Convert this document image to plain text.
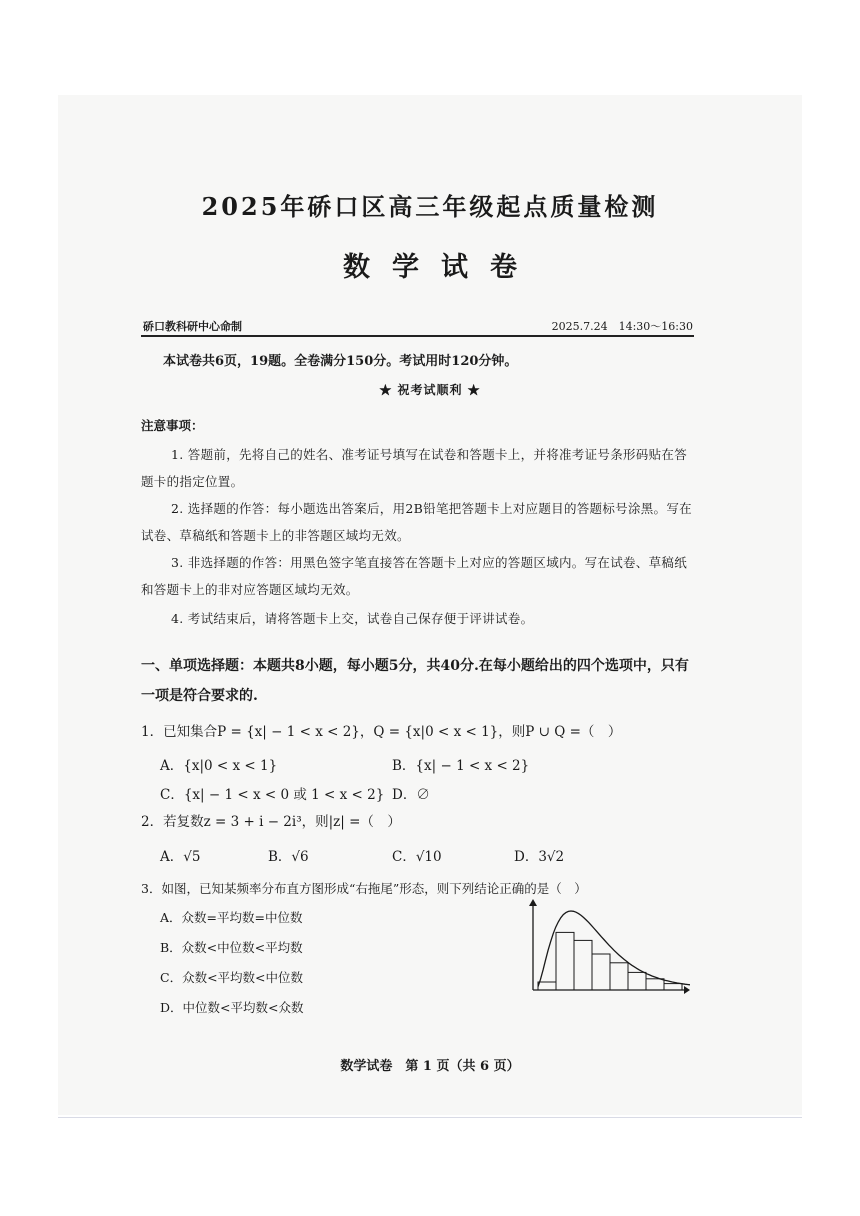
2025年硚口区高三年级起点质量检测
数学试卷
硚口教科研中心命制	2025.7.24　14:30～16:30
本试卷共6页，19题。全卷满分150分。考试用时120分钟。
★ 祝考试顺利 ★
注意事项：
1. 答题前，先将自己的姓名、准考证号填写在试卷和答题卡上，并将准考证号条形码贴在答题卡的指定位置。
2. 选择题的作答：每小题选出答案后，用2B铅笔把答题卡上对应题目的答题标号涂黑。写在试卷、草稿纸和答题卡上的非答题区域均无效。
3. 非选择题的作答：用黑色签字笔直接答在答题卡上对应的答题区域内。写在试卷、草稿纸和答题卡上的非对应答题区域均无效。
4. 考试结束后，请将答题卡上交，试卷自己保存便于评讲试卷。
一、单项选择题：本题共8小题，每小题5分，共40分.在每小题给出的四个选项中，只有一项是符合要求的.
1．已知集合P = {x| − 1 < x < 2}，Q = {x|0 < x < 1}，则P ∪ Q =（　）
A．{x|0 < x < 1}	B．{x| − 1 < x < 2}
C．{x| − 1 < x < 0 或 1 < x < 2} D．∅
2．若复数z = 3 + i − 2i³，则|z| =（　）
A．√5	B．√6	C．√10	D．3√2
3．如图，已知某频率分布直方图形成“右拖尾”形态，则下列结论正确的是（　）
A．众数=平均数=中位数
B．众数<中位数<平均数
C．众数<平均数<中位数
D．中位数<平均数<众数
数学试卷　第 1 页（共 6 页）
